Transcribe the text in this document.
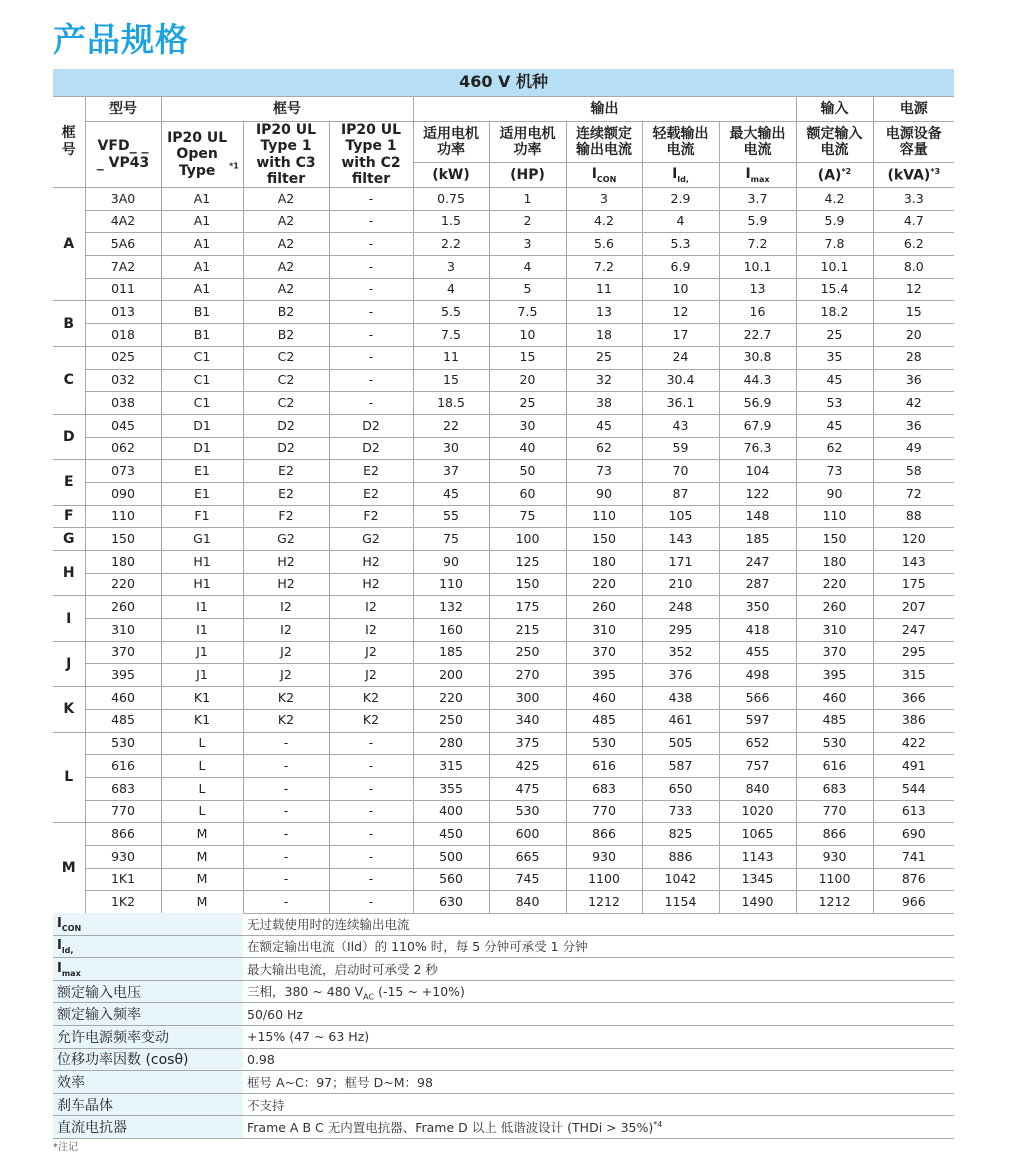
产品规格
460 V 机种											
框号	型号	框号			输出					输入	电源
	VFD_ _ _ VP43	IP20 UL Open Type $^{*1}$	IP20 UL Type 1 with C3 filter	IP20 UL Type 1 with C2 filter	适用电机功率	适用电机功率	连续额定输出电流	轻载输出电流	最大输出电流	额定输入电流	电源设备容量
					(kW)	(HP)	$I_{CON}$	$I_{ld,}$	$I_{max}$	$(A)^{*2}$	(kVA)$^{*3}$
A	3A0	A1	A2	-	0.75	1	3	2.9	3.7	4.2	3.3
	4A2	A1	A2	-	1.5	2	4.2	4	5.9	5.9	4.7
	5A6	A1	A2	-	2.2	3	5.6	5.3	7.2	7.8	6.2
	7A2	A1	A2	-	3	4	7.2	6.9	10.1	10.1	8.0
	011	A1	A2	-	4	5	11	10	13	15.4	12
B	013	B1	B2	-	5.5	7.5	13	12	16	18.2	15
	018	B1	B2	-	7.5	10	18	17	22.7	25	20
C	025	C1	C2	-	11	15	25	24	30.8	35	28
	032	C1	C2	-	15	20	32	30.4	44.3	45	36
	038	C1	C2	-	18.5	25	38	36.1	56.9	53	42
D	045	D1	D2	D2	22	30	45	43	67.9	45	36
	062	D1	D2	D2	30	40	62	59	76.3	62	49
E	073	E1	E2	E2	37	50	73	70	104	73	58
	090	E1	E2	E2	45	60	90	87	122	90	72
F	110	F1	F2	F2	55	75	110	105	148	110	88
G	150	G1	G2	G2	75	100	150	143	185	150	120
H	180	H1	H2	H2	90	125	180	171	247	180	143
	220	H1	H2	H2	110	150	220	210	287	220	175
I	260	I1	I2	I2	132	175	260	248	350	260	207
	310	I1	I2	I2	160	215	310	295	418	310	247
J	370	J1	J2	J2	185	250	370	352	455	370	295
	395	J1	J2	J2	200	270	395	376	498	395	315
K	460	K1	K2	K2	220	300	460	438	566	460	366
	485	K1	K2	K2	250	340	485	461	597	485	386
L	530	L	-	-	280	375	530	505	652	530	422
	616	L	-	-	315	425	616	587	757	616	491
	683	L	-	-	355	475	683	650	840	683	544
	770	L	-	-	400	530	770	733	1020	770	613
M	866	M	-	-	450	600	866	825	1065	866	690
	930	M	-	-	500	665	930	886	1143	930	741
	1K1	M	-	-	560	745	1100	1042	1345	1100	876
	1K2	M	-	-	630	840	1212	1154	1490	1212	966
$I_{CON}$	无过载使用时的连续输出电流
$I_{ld,}$	在额定输出电流（Ild）的 110% 时，每 5 分钟可承受 1 分钟
$I_{max}$	最大输出电流，启动时可承受 2 秒
额定输入电压	三相，380 ~ 480 $V_{AC}$ (-15 ~ +10%)
额定输入频率	50/60 Hz
允许电源频率变动	+15% (47 ~ 63 Hz)
位移功率因数 (cosθ)	0.98
效率	框号 A~C：97；框号 D~M：98
刹车晶体	不支持
直流电抗器	Frame A B C 无内置电抗器、Frame D 以上 低谐波设计 (THDi > 35%)$^{*4}$

*注记
